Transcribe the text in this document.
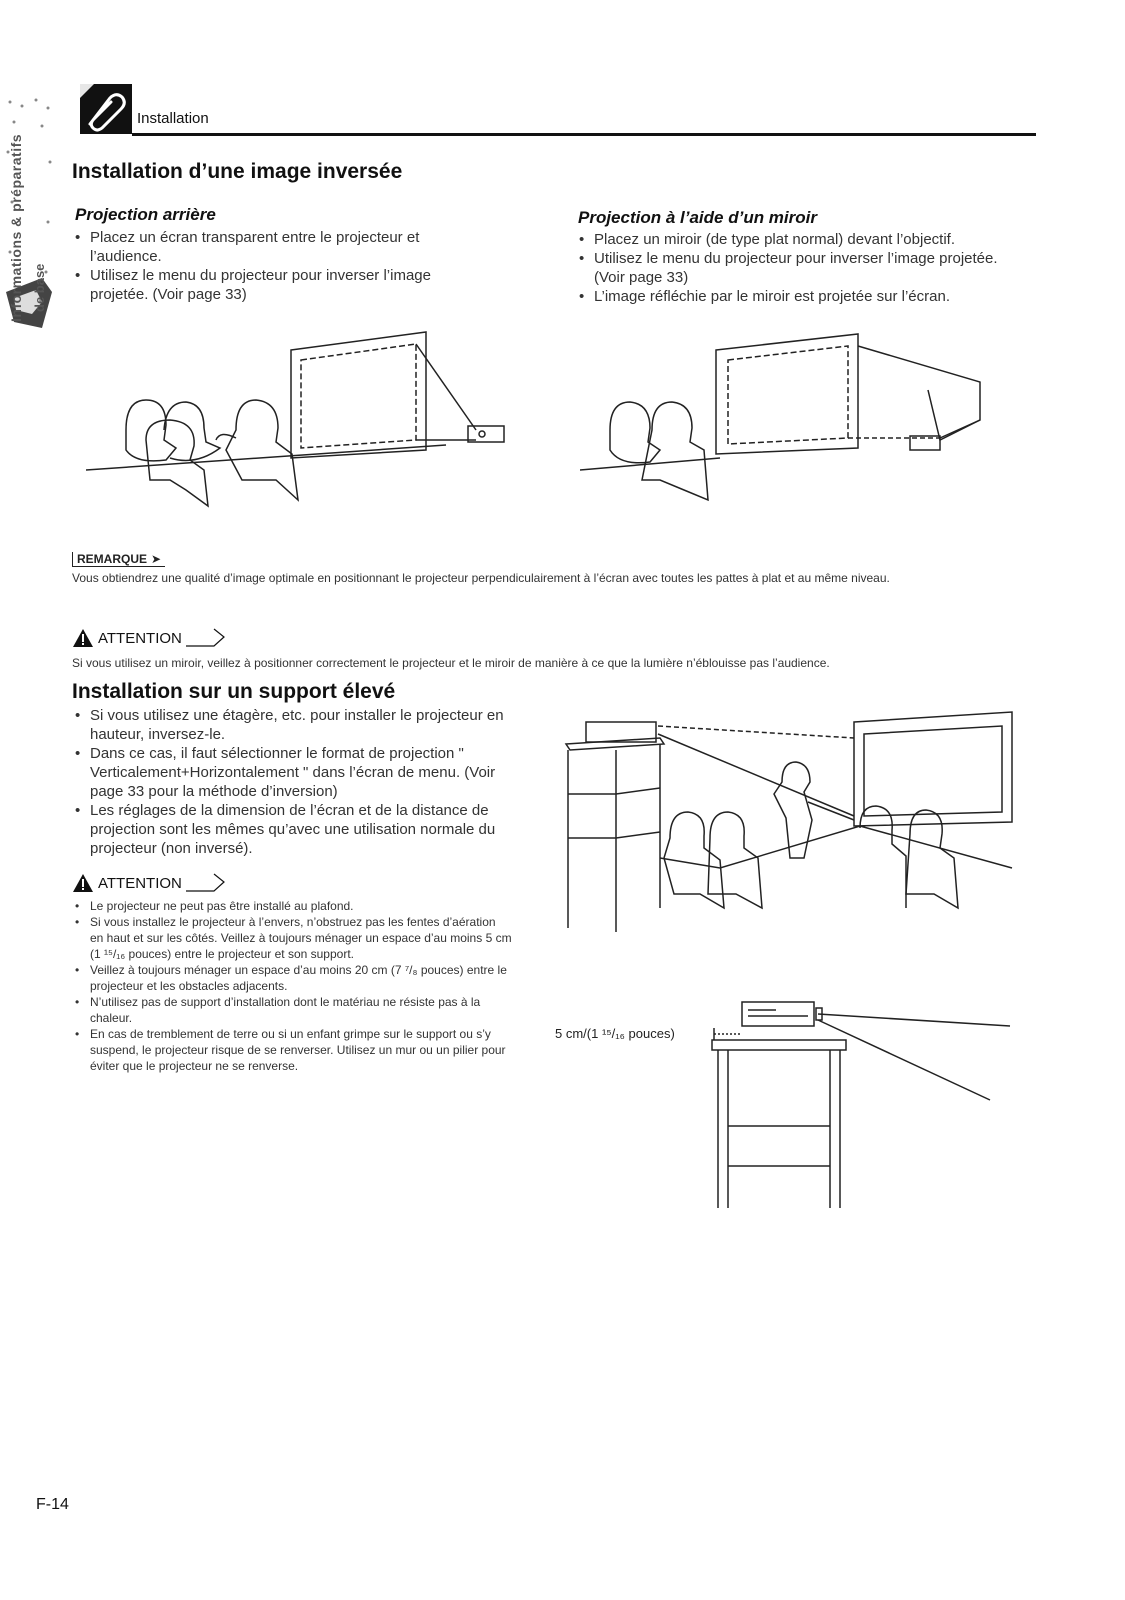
Informations & préparatifs de base
Installation
Installation d’une image inversée
Projection arrière
• Placez un écran transparent entre le projecteur et l’audience.
• Utilisez le menu du projecteur pour inverser l’image projetée. (Voir page 33)
Projection à l’aide d’un miroir
• Placez un miroir (de type plat normal) devant l’objectif.
• Utilisez le menu du projecteur pour inverser l’image projetée. (Voir page 33)
• L’image réfléchie par le miroir est projetée sur l’écran.
REMARQUE ➤
Vous obtiendrez une qualité d’image optimale en positionnant le projecteur perpendiculairement à l’écran avec toutes les pattes à plat et au même niveau.
ATTENTION
Si vous utilisez un miroir, veillez à positionner correctement le projecteur et le miroir de manière à ce que la lumière n’éblouisse pas l’audience.
Installation sur un support élevé
• Si vous utilisez une étagère, etc. pour installer le projecteur en hauteur, inversez-le.
• Dans ce cas, il faut sélectionner le format de projection " Verticalement+Horizontalement " dans l’écran de menu. (Voir page 33 pour la méthode d’inversion)
• Les réglages de la dimension de l’écran et de la distance de projection sont les mêmes qu’avec une utilisation normale du projecteur (non inversé).
ATTENTION
• Le projecteur ne peut pas être installé au plafond.
• Si vous installez le projecteur à l’envers, n’obstruez pas les fentes d’aération en haut et sur les côtés. Veillez à toujours ménager un espace d’au moins 5 cm (1 ¹⁵/₁₆ pouces) entre le projecteur et son support.
• Veillez à toujours ménager un espace d’au moins 20 cm (7 ⁷/₈ pouces) entre le projecteur et les obstacles adjacents.
• N’utilisez pas de support d’installation dont le matériau ne résiste pas à la chaleur.
• En cas de tremblement de terre ou si un enfant grimpe sur le support ou s’y suspend, le projecteur risque de se renverser. Utilisez un mur ou un pilier pour éviter que le projecteur ne se renverse.
5 cm/(1 ¹⁵/₁₆ pouces)
F-14
